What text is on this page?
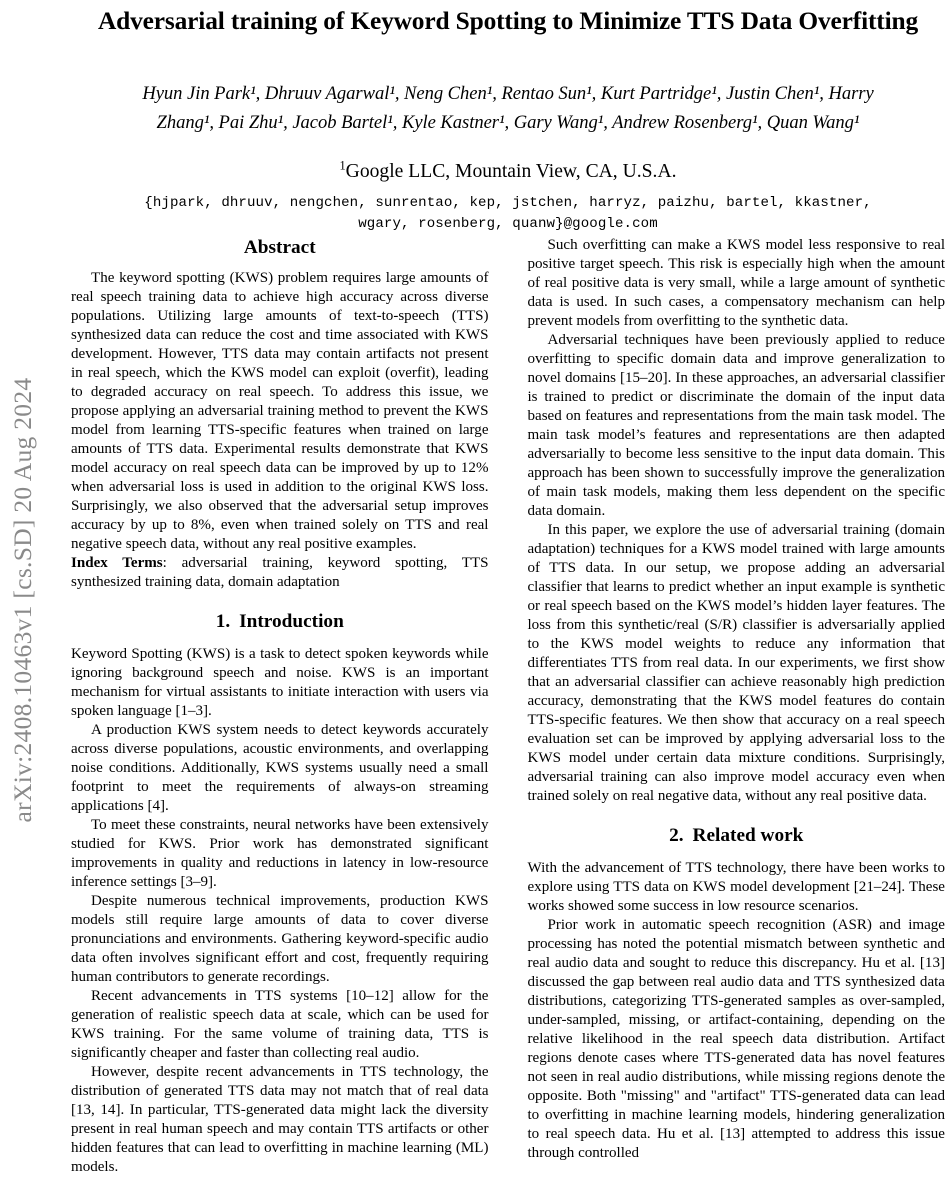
arXiv:2408.10463v1 [cs.SD] 20 Aug 2024
Adversarial training of Keyword Spotting to Minimize TTS Data Overfitting
Hyun Jin Park¹, Dhruuv Agarwal¹, Neng Chen¹, Rentao Sun¹, Kurt Partridge¹, Justin Chen¹, Harry
Zhang¹, Pai Zhu¹, Jacob Bartel¹, Kyle Kastner¹, Gary Wang¹, Andrew Rosenberg¹, Quan Wang¹
$^1$Google LLC, Mountain View, CA, U.S.A.
{hjpark, dhruuv, nengchen, sunrentao, kep, jstchen, harryz, paizhu, bartel, kkastner,
wgary, rosenberg, quanw}@google.com
Abstract

The keyword spotting (KWS) problem requires large amounts of real speech training data to achieve high accuracy across diverse populations. Utilizing large amounts of text-to-speech (TTS) synthesized data can reduce the cost and time associated with KWS development. However, TTS data may contain artifacts not present in real speech, which the KWS model can exploit (overfit), leading to degraded accuracy on real speech. To address this issue, we propose applying an adversarial training method to prevent the KWS model from learning TTS-specific features when trained on large amounts of TTS data. Experimental results demonstrate that KWS model accuracy on real speech data can be improved by up to 12% when adversarial loss is used in addition to the original KWS loss. Surprisingly, we also observed that the adversarial setup improves accuracy by up to 8%, even when trained solely on TTS and real negative speech data, without any real positive examples.

Index Terms: adversarial training, keyword spotting, TTS synthesized training data, domain adaptation

1. Introduction

Keyword Spotting (KWS) is a task to detect spoken keywords while ignoring background speech and noise. KWS is an important mechanism for virtual assistants to initiate interaction with users via spoken language [1–3].

A production KWS system needs to detect keywords accurately across diverse populations, acoustic environments, and overlapping noise conditions. Additionally, KWS systems usually need a small footprint to meet the requirements of always-on streaming applications [4].

To meet these constraints, neural networks have been extensively studied for KWS. Prior work has demonstrated significant improvements in quality and reductions in latency in low-resource inference settings [3–9].

Despite numerous technical improvements, production KWS models still require large amounts of data to cover diverse pronunciations and environments. Gathering keyword-specific audio data often involves significant effort and cost, frequently requiring human contributors to generate recordings.

Recent advancements in TTS systems [10–12] allow for the generation of realistic speech data at scale, which can be used for KWS training. For the same volume of training data, TTS is significantly cheaper and faster than collecting real audio.

However, despite recent advancements in TTS technology, the distribution of generated TTS data may not match that of real data [13, 14]. In particular, TTS-generated data might lack the diversity present in real human speech and may contain TTS artifacts or other hidden features that can lead to overfitting in machine learning (ML) models.

Such overfitting can make a KWS model less responsive to real positive target speech. This risk is especially high when the amount of real positive data is very small, while a large amount of synthetic data is used. In such cases, a compensatory mechanism can help prevent models from overfitting to the synthetic data.

Adversarial techniques have been previously applied to reduce overfitting to specific domain data and improve generalization to novel domains [15–20]. In these approaches, an adversarial classifier is trained to predict or discriminate the domain of the input data based on features and representations from the main task model. The main task model’s features and representations are then adapted adversarially to become less sensitive to the input data domain. This approach has been shown to successfully improve the generalization of main task models, making them less dependent on the specific data domain.

In this paper, we explore the use of adversarial training (domain adaptation) techniques for a KWS model trained with large amounts of TTS data. In our setup, we propose adding an adversarial classifier that learns to predict whether an input example is synthetic or real speech based on the KWS model’s hidden layer features. The loss from this synthetic/real (S/R) classifier is adversarially applied to the KWS model weights to reduce any information that differentiates TTS from real data. In our experiments, we first show that an adversarial classifier can achieve reasonably high prediction accuracy, demonstrating that the KWS model features do contain TTS-specific features. We then show that accuracy on a real speech evaluation set can be improved by applying adversarial loss to the KWS model under certain data mixture conditions. Surprisingly, adversarial training can also improve model accuracy even when trained solely on real negative data, without any real positive data.

2. Related work

With the advancement of TTS technology, there have been works to explore using TTS data on KWS model development [21–24]. These works showed some success in low resource scenarios.

Prior work in automatic speech recognition (ASR) and image processing has noted the potential mismatch between synthetic and real audio data and sought to reduce this discrepancy. Hu et al. [13] discussed the gap between real audio data and TTS synthesized data distributions, categorizing TTS-generated samples as over-sampled, under-sampled, missing, or artifact-containing, depending on the relative likelihood in the real speech data distribution. Artifact regions denote cases where TTS-generated data has novel features not seen in real audio distributions, while missing regions denote the opposite. Both "missing" and "artifact" TTS-generated data can lead to overfitting in machine learning models, hindering generalization to real speech data. Hu et al. [13] attempted to address this issue through controlled
